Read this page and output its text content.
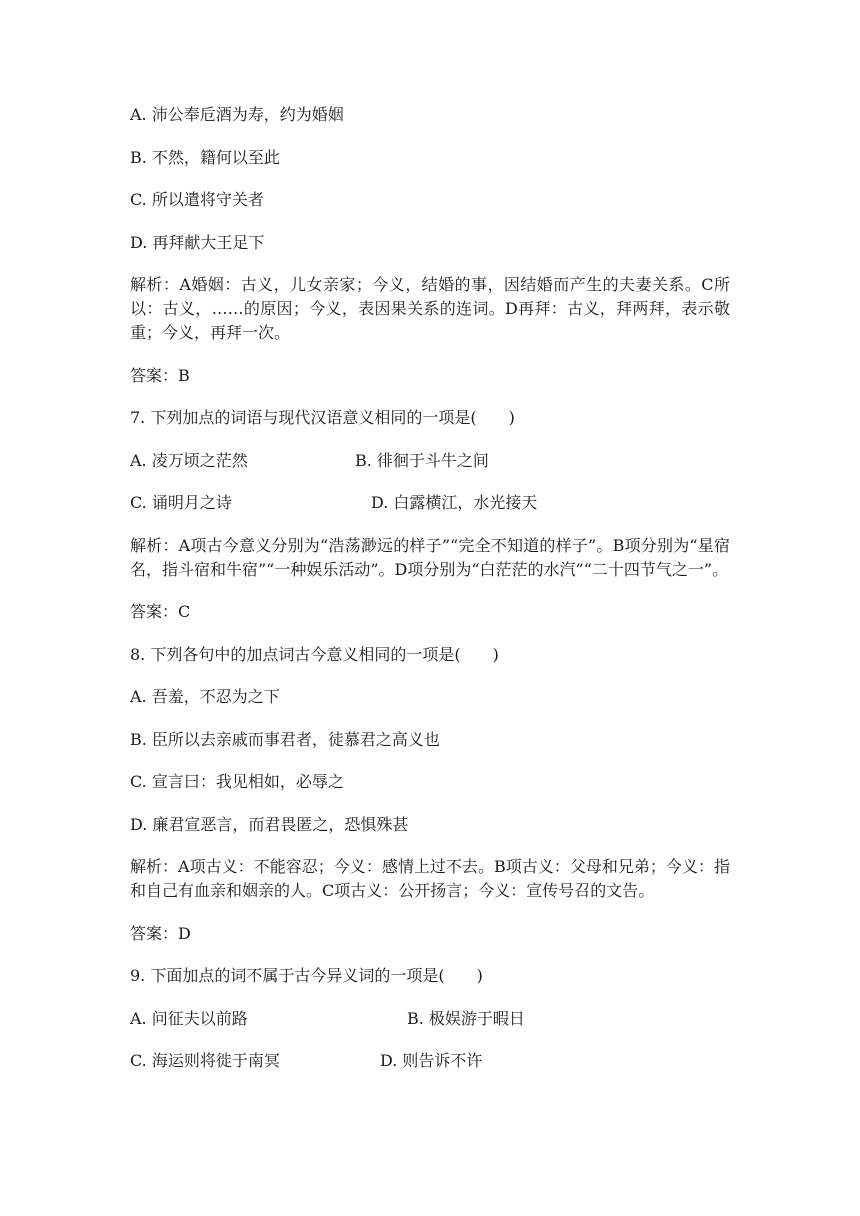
A. 沛公奉卮酒为寿，约为婚姻
B. 不然，籍何以至此
C. 所以遣将守关者
D. 再拜献大王足下
解析：A婚姻：古义，儿女亲家；今义，结婚的事，因结婚而产生的夫妻关系。C所以：古义，……的原因；今义，表因果关系的连词。D再拜：古义，拜两拜，表示敬重；今义，再拜一次。
答案：B
7. 下列加点的词语与现代汉语意义相同的一项是(　　)
A. 凌万顷之茫然	B. 徘徊于斗牛之间
C. 诵明月之诗	D. 白露横江，水光接天
解析：A项古今意义分别为“浩荡渺远的样子”“完全不知道的样子”。B项分别为“星宿名，指斗宿和牛宿”“一种娱乐活动”。D项分别为“白茫茫的水汽”“二十四节气之一”。
答案：C
8. 下列各句中的加点词古今意义相同的一项是(　　)
A. 吾羞，不忍为之下
B. 臣所以去亲戚而事君者，徒慕君之高义也
C. 宣言曰：我见相如，必辱之
D. 廉君宣恶言，而君畏匿之，恐惧殊甚
解析：A项古义：不能容忍；今义：感情上过不去。B项古义：父母和兄弟；今义：指和自己有血亲和姻亲的人。C项古义：公开扬言；今义：宣传号召的文告。
答案：D
9. 下面加点的词不属于古今异义词的一项是(　　)
A. 问征夫以前路	B. 极娱游于暇日
C. 海运则将徙于南冥	D. 则告诉不许
